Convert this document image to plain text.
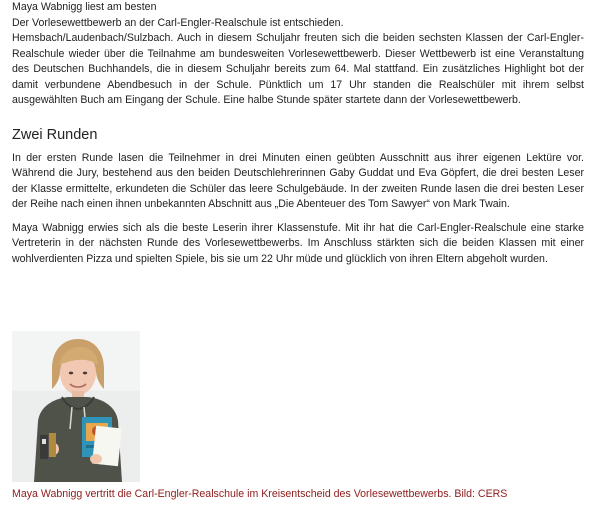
Maya Wabnigg liest am besten

Der Vorlesewettbewerb an der Carl-Engler-Realschule ist entschieden.

Hemsbach/Laudenbach/Sulzbach. Auch in diesem Schuljahr freuten sich die beiden sechsten Klassen der Carl-Engler-Realschule wieder über die Teilnahme am bundesweiten Vorlesewettbewerb. Dieser Wettbewerb ist eine Veranstaltung des Deutschen Buchhandels, die in diesem Schuljahr bereits zum 64. Mal stattfand. Ein zusätzliches Highlight bot der damit verbundene Abendbesuch in der Schule. Pünktlich um 17 Uhr standen die Realschüler mit ihrem selbst ausgewählten Buch am Eingang der Schule. Eine halbe Stunde später startete dann der Vorlesewettbewerb.

Zwei Runden

In der ersten Runde lasen die Teilnehmer in drei Minuten einen geübten Ausschnitt aus ihrer eigenen Lektüre vor. Während die Jury, bestehend aus den beiden Deutschlehrerinnen Gaby Guddat und Eva Göpfert, die drei besten Leser der Klasse ermittelte, erkundeten die Schüler das leere Schulgebäude. In der zweiten Runde lasen die drei besten Leser der Reihe nach einen ihnen unbekannten Abschnitt aus „Die Abenteuer des Tom Sawyer“ von Mark Twain.

Maya Wabnigg erwies sich als die beste Leserin ihrer Klassenstufe. Mit ihr hat die Carl-Engler-Realschule eine starke Vertreterin in der nächsten Runde des Vorlesewettbewerbs. Im Anschluss stärkten sich die beiden Klassen mit einer wohlverdienten Pizza und spielten Spiele, bis sie um 22 Uhr müde und glücklich von ihren Eltern abgeholt wurden.

Maya Wabnigg vertritt die Carl-Engler-Realschule im Kreisentscheid des Vorlesewettbewerbs. Bild: CERS
